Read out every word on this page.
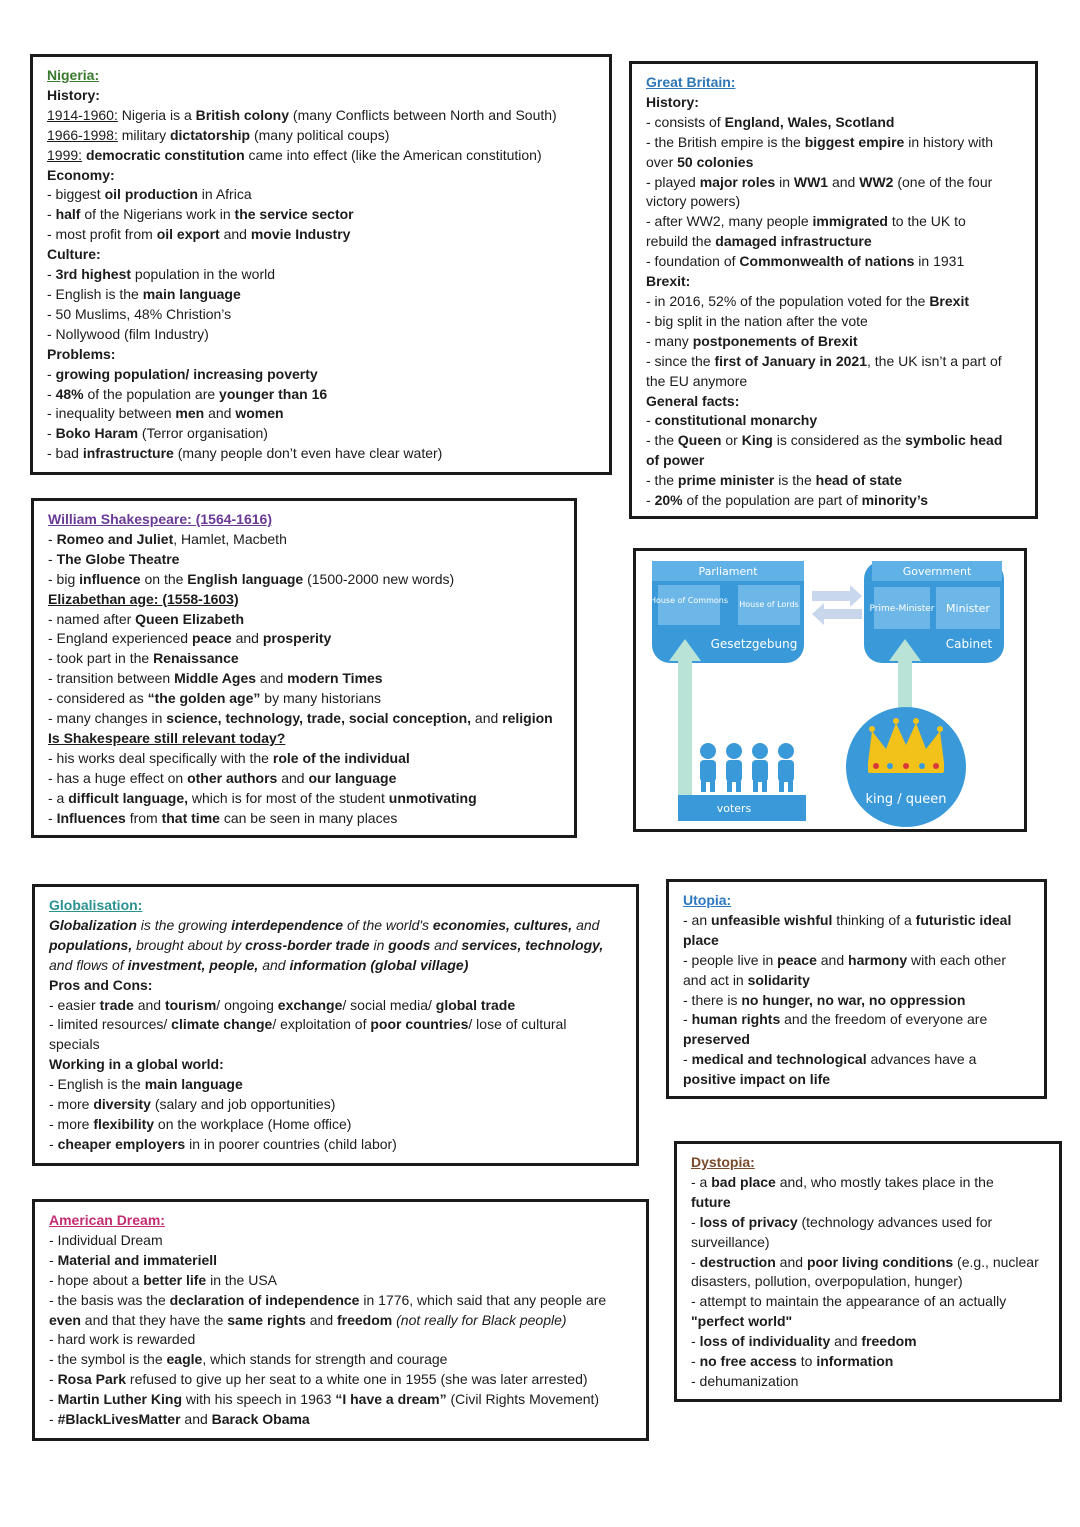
Nigeria:

History:

1914-1960: Nigeria is a British colony (many Conflicts between North and South)

1966-1998: military dictatorship (many political coups)

1999: democratic constitution came into effect (like the American constitution)

Economy:

- biggest oil production in Africa

- half of the Nigerians work in the service sector

- most profit from oil export and movie Industry

Culture:

- 3rd highest population in the world

- English is the main language

- 50 Muslims, 48% Christion’s

- Nollywood (film Industry)

Problems:

- growing population/ increasing poverty

- 48% of the population are younger than 16

- inequality between men and women

- Boko Haram (Terror organisation)

- bad infrastructure (many people don’t even have clear water)

Great Britain:

History:

- consists of England, Wales, Scotland

- the British empire is the biggest empire in history with

over 50 colonies

- played major roles in WW1 and WW2 (one of the four

victory powers)

- after WW2, many people immigrated to the UK to

rebuild the damaged infrastructure

- foundation of Commonwealth of nations in 1931

Brexit:

- in 2016, 52% of the population voted for the Brexit

- big split in the nation after the vote

- many postponements of Brexit

- since the first of January in 2021, the UK isn’t a part of

the EU anymore

General facts:

- constitutional monarchy

- the Queen or King is considered as the symbolic head

of power

- the prime minister is the head of state

- 20% of the population are part of minority’s

William Shakespeare: (1564-1616)

- Romeo and Juliet, Hamlet, Macbeth

- The Globe Theatre

- big influence on the English language (1500-2000 new words)

Elizabethan age: (1558-1603)

- named after Queen Elizabeth

- England experienced peace and prosperity

- took part in the Renaissance

- transition between Middle Ages and modern Times

- considered as “the golden age” by many historians

- many changes in science, technology, trade, social conception, and religion

Is Shakespeare still relevant today?

- his works deal specifically with the role of the individual

- has a huge effect on other authors and our language

- a difficult language, which is for most of the student unmotivating

- Influences from that time can be seen in many places

Parliament
House of Commons House of Lords
Gesetzgebung
Government
Prime-Minister Minister
Cabinet
voters
king / queen

Globalisation:

Globalization is the growing interdependence of the world's economies, cultures, and populations, brought about by cross-border trade in goods and services, technology, and flows of investment, people, and information (global village)

Pros and Cons:

- easier trade and tourism/ ongoing exchange/ social media/ global trade

- limited resources/ climate change/ exploitation of poor countries/ lose of cultural

specials

Working in a global world:

- English is the main language

- more diversity (salary and job opportunities)

- more flexibility on the workplace (Home office)

- cheaper employers in in poorer countries (child labor)

Utopia:

- an unfeasible wishful thinking of a futuristic ideal

place

- people live in peace and harmony with each other

and act in solidarity

- there is no hunger, no war, no oppression

- human rights and the freedom of everyone are

preserved

- medical and technological advances have a

positive impact on life

Dystopia:

- a bad place and, who mostly takes place in the

future

- loss of privacy (technology advances used for

surveillance)

- destruction and poor living conditions (e.g., nuclear

disasters, pollution, overpopulation, hunger)

- attempt to maintain the appearance of an actually

"perfect world"

- loss of individuality and freedom

- no free access to information

- dehumanization

American Dream:

- Individual Dream

- Material and immateriell

- hope about a better life in the USA

- the basis was the declaration of independence in 1776, which said that any people are

even and that they have the same rights and freedom (not really for Black people)

- hard work is rewarded

- the symbol is the eagle, which stands for strength and courage

- Rosa Park refused to give up her seat to a white one in 1955 (she was later arrested)

- Martin Luther King with his speech in 1963 “I have a dream” (Civil Rights Movement)

- #BlackLivesMatter and Barack Obama
